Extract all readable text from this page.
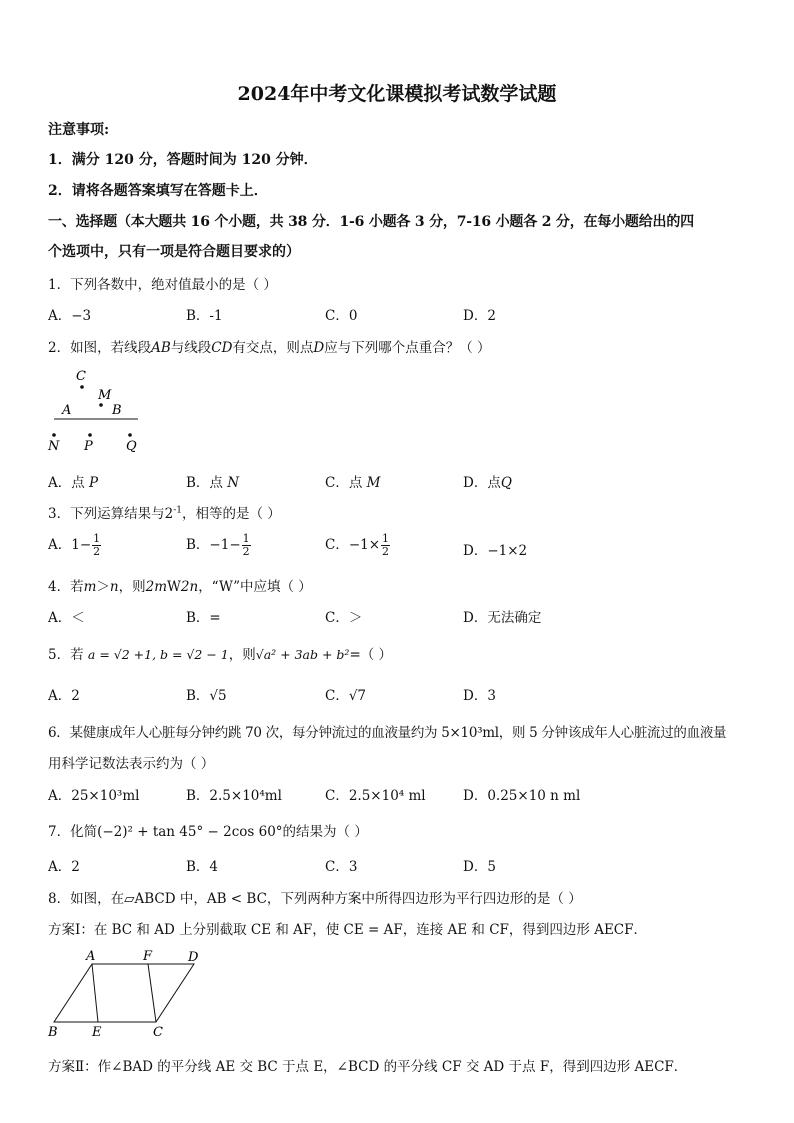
2024年中考文化课模拟考试数学试题
注意事项:
1．满分 120 分，答题时间为 120 分钟．
2．请将各题答案填写在答题卡上．
一、选择题（本大题共 16 个小题，共 38 分．1-6 小题各 3 分，7-16 小题各 2 分，在每小题给出的四
个选项中，只有一项是符合题目要求的）
1．下列各数中，绝对值最小的是（ ）
A．−3	B．-1	C．0	D．2
2．如图，若线段AB与线段CD有交点，则点D应与下列哪个点重合？（ ）
C
M
A	B
N P	Q
A．点 P	B．点 N	C．点 M	D．点Q
3．下列运算结果与$2^{-1}$，相等的是（ ）
A．$1- \frac{1}{2}$	B．$-1- \frac{1}{2}$	C．$-1\times \frac{1}{2}$	D．−1×2
4．若m＞n，则2mW2n，“W”中应填（ ）
A．＜	B．=	C．＞	D．无法确定
5．若 a = √2 +1, b = √2 − 1，则√a² + 3ab + b²=（ ）
A．2	B．√5	C．√7	D．3
6．某健康成年人心脏每分钟约跳 70 次，每分钟流过的血液量约为 5×10³ml，则 5 分钟该成年人心脏流过的血液量
用科学记数法表示约为（ ）
A．25×10³ml	B．2.5×10⁴ml	C．2.5×10⁴ ml	D．0.25×10 n ml
7．化简(−2)² + tan 45° − 2cos 60°的结果为（ ）
A．2	B．4	C．3	D．5
8．如图，在▱ABCD 中，AB < BC，下列两种方案中所得四边形为平行四边形的是（ ）
方案Ⅰ：在 BC 和 AD 上分别截取 CE 和 AF，使 CE = AF，连接 AE 和 CF，得到四边形 AECF．
A	F	D
B	E	C
方案Ⅱ：作∠BAD 的平分线 AE 交 BC 于点 E，∠BCD 的平分线 CF 交 AD 于点 F，得到四边形 AECF．
